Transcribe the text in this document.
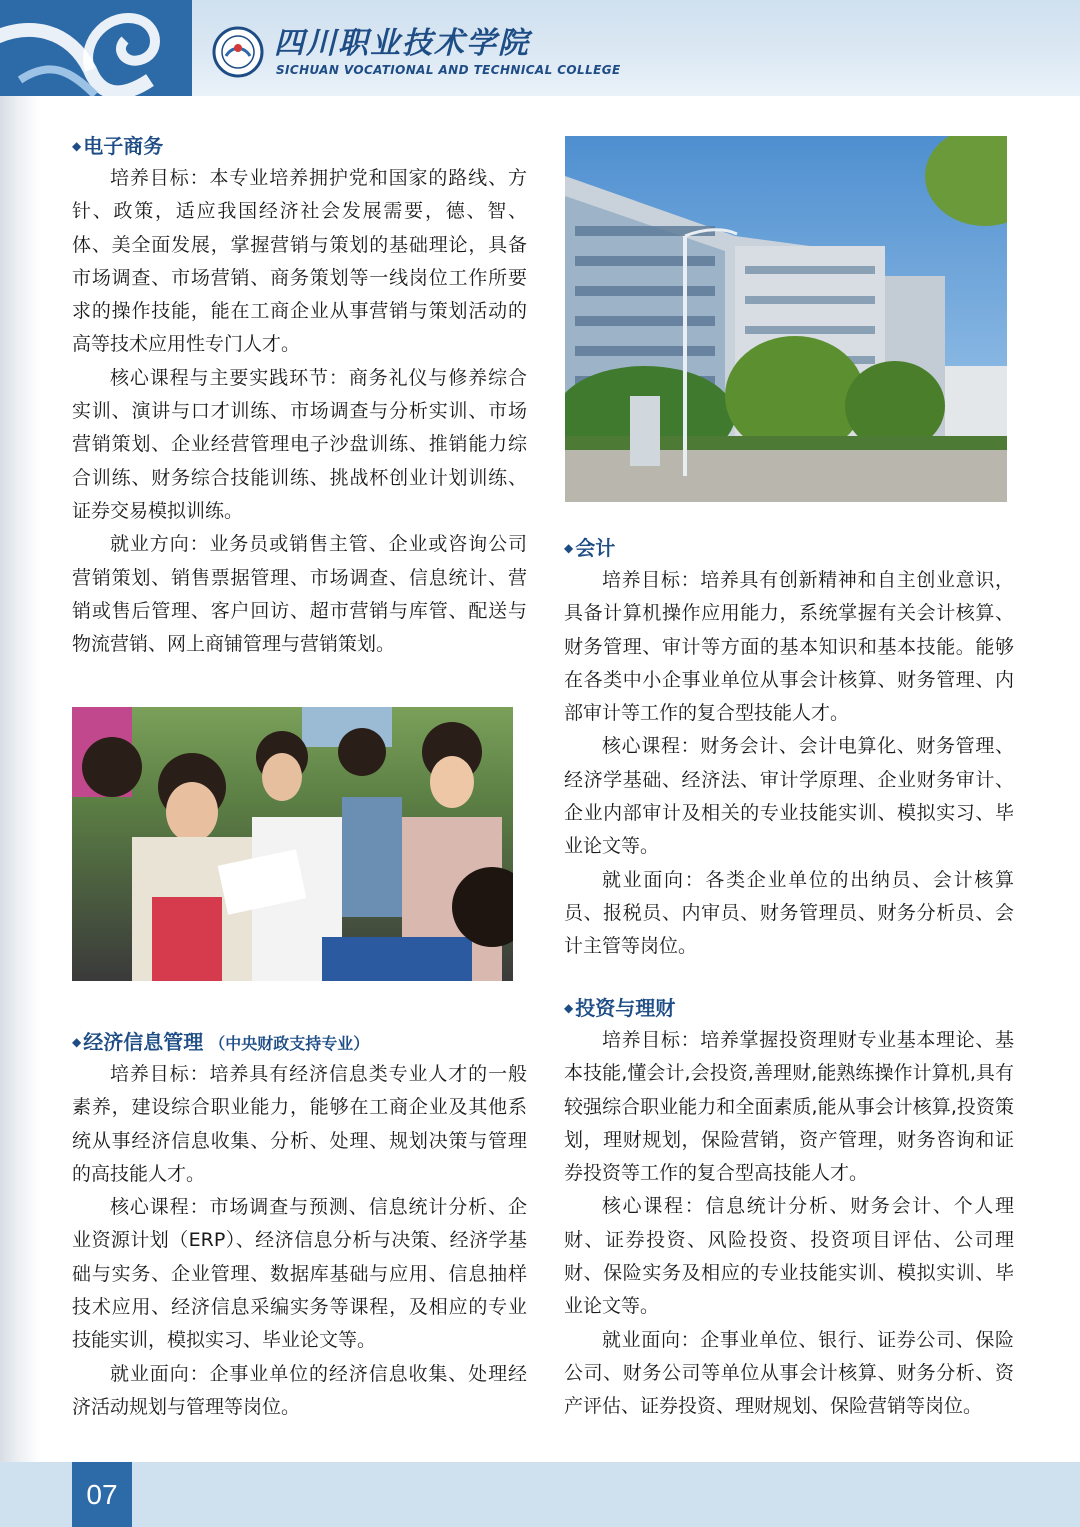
四川职业技术学院
SICHUAN VOCATIONAL AND TECHNICAL COLLEGE
◆ 电子商务

培养目标：本专业培养拥护党和国家的路线、方针、政策，适应我国经济社会发展需要，德、智、体、美全面发展，掌握营销与策划的基础理论，具备市场调查、市场营销、商务策划等一线岗位工作所要求的操作技能，能在工商企业从事营销与策划活动的高等技术应用性专门人才。

核心课程与主要实践环节：商务礼仪与修养综合实训、演讲与口才训练、市场调查与分析实训、市场营销策划、企业经营管理电子沙盘训练、推销能力综合训练、财务综合技能训练、挑战杯创业计划训练、证券交易模拟训练。

就业方向：业务员或销售主管、企业或咨询公司营销策划、销售票据管理、市场调查、信息统计、营销或售后管理、客户回访、超市营销与库管、配送与物流营销、网上商铺管理与营销策划。

◆ 经济信息管理 （中央财政支持专业）

培养目标：培养具有经济信息类专业人才的一般素养，建设综合职业能力，能够在工商企业及其他系统从事经济信息收集、分析、处理、规划决策与管理的高技能人才。

核心课程：市场调查与预测、信息统计分析、企业资源计划（ERP）、经济信息分析与决策、经济学基础与实务、企业管理、数据库基础与应用、信息抽样技术应用、经济信息采编实务等课程，及相应的专业技能实训，模拟实习、毕业论文等。

就业面向：企事业单位的经济信息收集、处理经济活动规划与管理等岗位。

◆ 会计

培养目标：培养具有创新精神和自主创业意识，具备计算机操作应用能力，系统掌握有关会计核算、财务管理、审计等方面的基本知识和基本技能。能够在各类中小企事业单位从事会计核算、财务管理、内部审计等工作的复合型技能人才。

核心课程：财务会计、会计电算化、财务管理、经济学基础、经济法、审计学原理、企业财务审计、企业内部审计及相关的专业技能实训、模拟实习、毕业论文等。

就业面向：各类企业单位的出纳员、会计核算员、报税员、内审员、财务管理员、财务分析员、会计主管等岗位。

◆ 投资与理财

培养目标：培养掌握投资理财专业基本理论、基本技能,懂会计,会投资,善理财,能熟练操作计算机,具有较强综合职业能力和全面素质,能从事会计核算,投资策划，理财规划，保险营销，资产管理，财务咨询和证券投资等工作的复合型高技能人才。

核心课程：信息统计分析、财务会计、个人理财、证券投资、风险投资、投资项目评估、公司理财、保险实务及相应的专业技能实训、模拟实训、毕业论文等。

就业面向：企事业单位、银行、证券公司、保险公司、财务公司等单位从事会计核算、财务分析、资产评估、证券投资、理财规划、保险营销等岗位。

07
